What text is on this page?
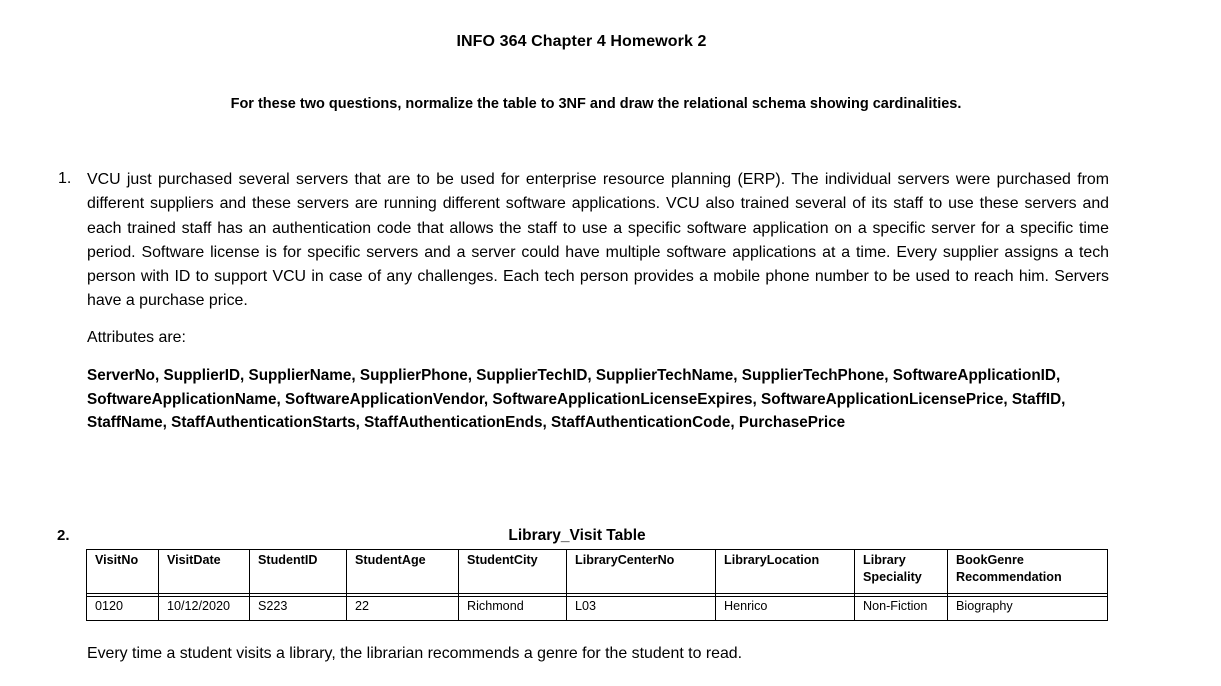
INFO 364 Chapter 4 Homework 2
For these two questions, normalize the table to 3NF and draw the relational schema showing cardinalities.
1. VCU just purchased several servers that are to be used for enterprise resource planning (ERP). The individual servers were purchased from different suppliers and these servers are running different software applications. VCU also trained several of its staff to use these servers and each trained staff has an authentication code that allows the staff to use a specific software application on a specific server for a specific time period. Software license is for specific servers and a server could have multiple software applications at a time. Every supplier assigns a tech person with ID to support VCU in case of any challenges. Each tech person provides a mobile phone number to be used to reach him. Servers have a purchase price.
Attributes are:
ServerNo, SupplierID, SupplierName, SupplierPhone, SupplierTechID, SupplierTechName, SupplierTechPhone, SoftwareApplicationID, SoftwareApplicationName, SoftwareApplicationVendor, SoftwareApplicationLicenseExpires, SoftwareApplicationLicensePrice, StaffID, StaffName, StaffAuthenticationStarts, StaffAuthenticationEnds, StaffAuthenticationCode, PurchasePrice
2.	Library_Visit Table
VisitNo	VisitDate	StudentID	StudentAge	StudentCity	LibraryCenterNo	LibraryLocation	Library Speciality	BookGenre Recommendation

0120	10/12/2020	S223	22	Richmond	L03	Henrico	Non-Fiction	Biography
Every time a student visits a library, the librarian recommends a genre for the student to read.
